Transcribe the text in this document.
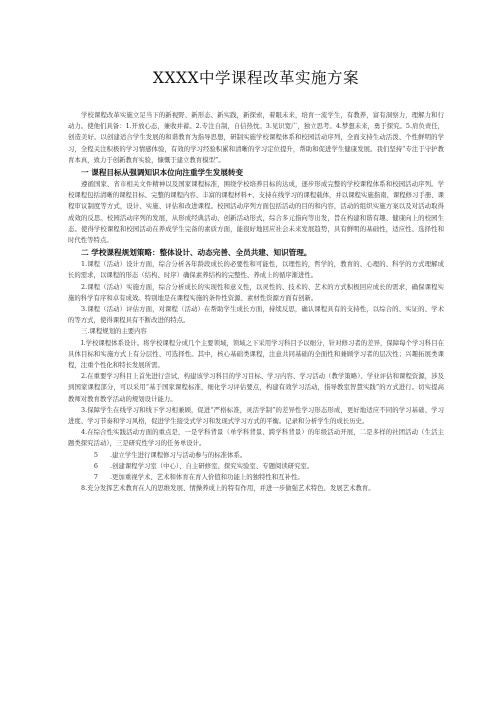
XXXX中学课程改革实施方案

学校课程改革实施立足当下的新视野、新形态、新实践，新探索，着眼未来，培育一流学生，有教养，富有洞察力，理解力和行动力。使他们具备：1.开放心态，兼收并蓄。2.专注自制，自信热忱。3.见识宽广，独立思考。4.梦想未来，勇于探究。5.肩负责任，创造美好。以创建适合学生发展的和谐教育为指导思想，研制实施学校课程体系和校园活动序列，全面支持生动活泼、个性鲜明的学习，全程关注积极的学习情感体验，有效的学习经验积累和清晰的学习定位提升，帮助和促进学生健康发展。我们坚持“专注于守护教育本真，致力于创新教育实验，慷慨于建立教育模型”。

一 课程目标从强调知识本位向注重学生发展转变

遵循国家、省市相关文件精神以及国家课程标准，围绕学校培养目标的达成，逐步形成完整的学校课程体系和校园活动序列。学校课程包括清晰的课程目标、完整的课程内容、丰富的课程材料+、支持在线学习的课程载体，并以课程实施指南、课程修习手册、课程审议制度等方式，设计、实施、评估和改进课程。校园活动序列方面包括活动的目的和内容，活动的组织实施方案以及对活动取得成效的反思。校园活动序列的发展，从形成经典活动、创新活动形式，综合多元指向等出发，旨在构建和谐有趣、健康向上的校园生态。使得学校课程和校园活动在养成学生完备的素质方面，能很好地回应社会未来发展趋势，具有鲜明的基础性，适应性、选择性和时代性等特点。

二 学校课程规划策略：整体设计、动态完善、全员共建、知识管理。

1.课程（活动）设计方面，综合分析各年龄段成长的必要性和可能性，以理性的，哲学的，教育的、心理的、科学的方式理解成长的需求，以课程的形态（结构、时序）确保素养结构的完整性、养成上的循序渐进性。

2.课程（活动）实施方面，综合分析成长的实现性和意义性，以灵性的、技术的、艺术的方式积极回应成长的需求，确保课程实施的科学有序和卓有成效。特别地是在课程实施的条件性资源、素材性资源方面有创新。

3.课程（活动）评估方面，对课程（活动）在帮助学生成长方面，持续反思，确认课程具有的支持性，以综合的、实证的、学术的等方式，使得课程具有不断改进的特点。

三.课程规划的主要内容

I.学校课程体系设计。将学校课程分成几个主要领域，领域之下采用学习科目予以细分，针对修习者的差异，保障每个学习科目在具体目标和实施方式上有分层性、可选择性。其中，核心基础类课程，注意共同基础的全面性和兼顾学习者的层次性；兴趣拓展类课程，注重个性化和特长发展所需。

2.在重要学习科目上首先进行尝试，构建该学习科目的学习目标、学习内容、学习活动（教学策略）、学业评估和课程资源，涉及到国家课程部分，可以采用“基于国家课程标准，细化学习评估要点，构建有效学习活动，指导教室智慧实践”的方式进行。切实提高教师对教育教学活动的规划设计能力。

3.保障学生在线学习和线下学习相兼顾，促进“严格标准，灵活学制”的差异性学习形态形成，更好地适应不同的学习基础、学习进度、学习节奏和学习风格，促进学生接受式学习和发现式学习方式的平衡。记录和分析学生的成长历史。

4.在综合性实践活动方面的重点是，一是学科背景（单学科背景、跨学科背景）的年级活动开展，二是多样的社团活动（生活主题类探究活动），三是研究性学习的任务单设计。

5	.建立学生进行课程修习与活动参与的标准体系。
6	.创建课程学习室（中心）、自主研修室、探究实验室、专题阅读研究室。
7	.更加重视学术、艺术和体育在育人价值和功能上的独特性和互补性。

8.充分发挥艺术教育在人的思维发展、情操养成上的特有作用，并进一步做强艺术特色、发展艺术教育。
